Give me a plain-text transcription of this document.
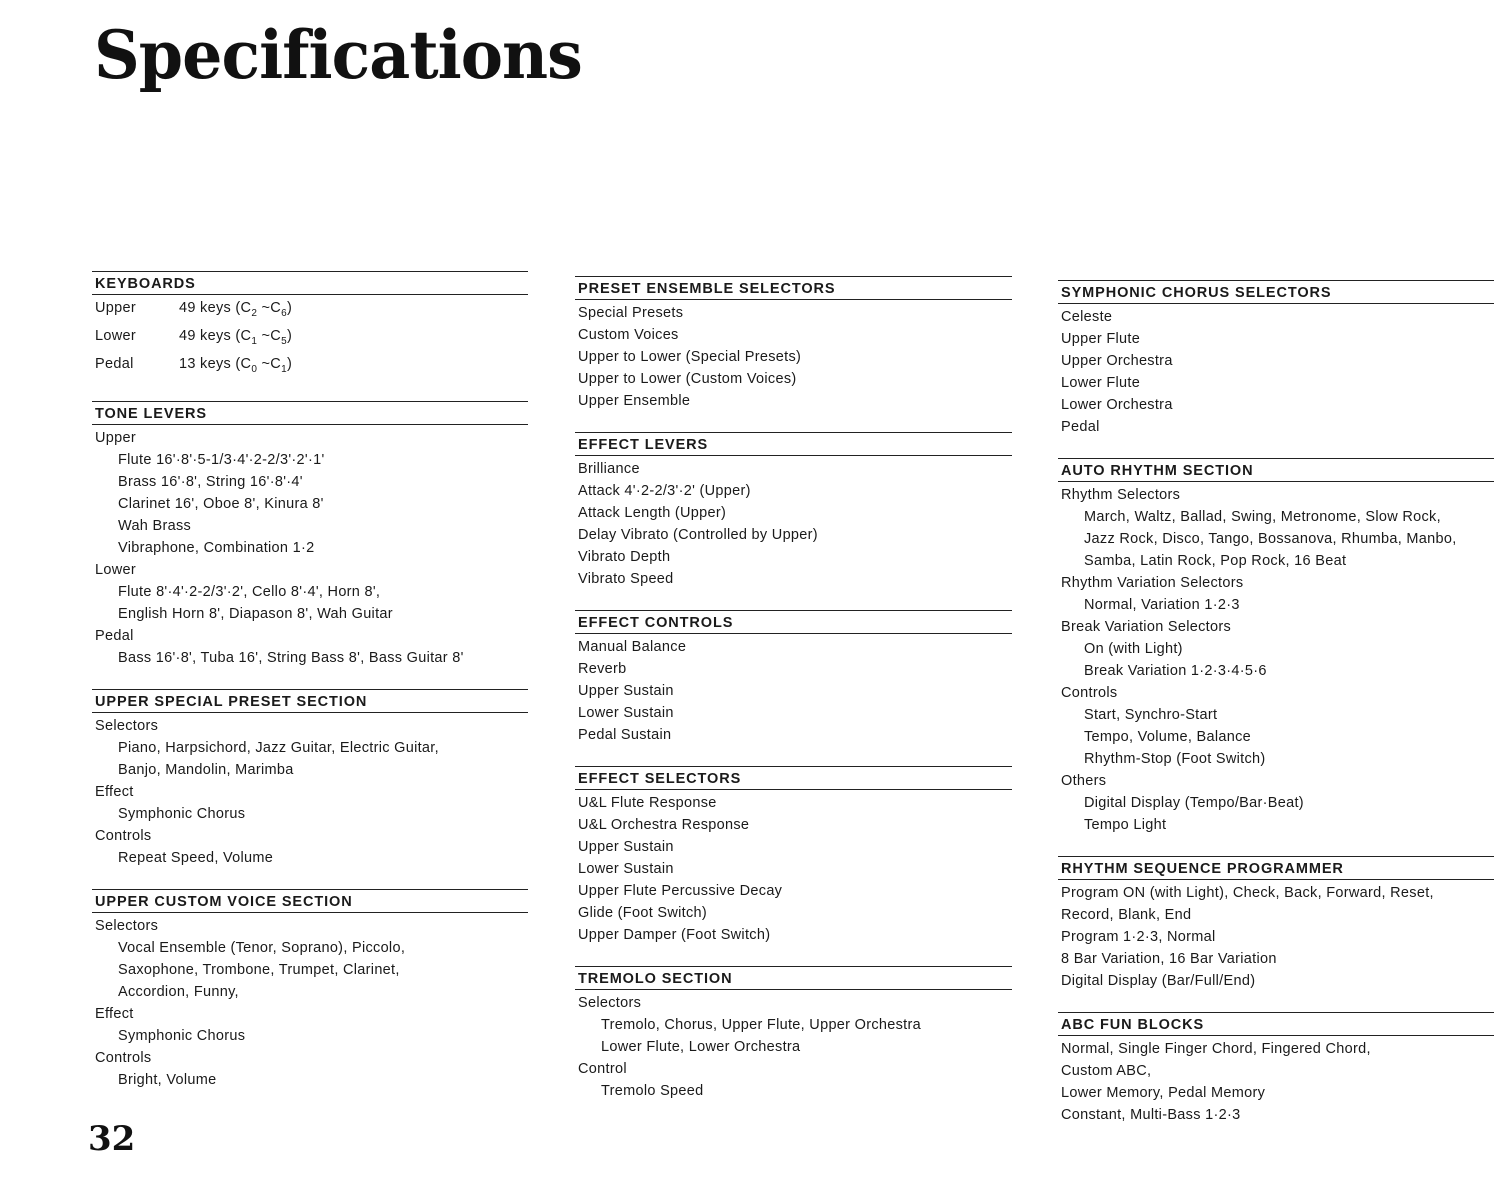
Specifications
KEYBOARDS
Upper	49 keys ($C_2$ $\sim C_6$)
Lower	49 keys ($C_1$ $\sim C_5$)
Pedal	13 keys ($C_0$ $\sim C_1$)
TONE LEVERS
Upper
Flute 16'·8'·5-1/3·4'·2-2/3'·2'·1'
Brass 16'·8', String 16'·8'·4'
Clarinet 16', Oboe 8', Kinura 8'
Wah Brass
Vibraphone, Combination 1·2
Lower
Flute 8'·4'·2-2/3'·2', Cello 8'·4', Horn 8',
English Horn 8', Diapason 8', Wah Guitar
Pedal
Bass 16'·8', Tuba 16', String Bass 8', Bass Guitar 8'
UPPER SPECIAL PRESET SECTION
Selectors
Piano, Harpsichord, Jazz Guitar, Electric Guitar,
Banjo, Mandolin, Marimba
Effect
Symphonic Chorus
Controls
Repeat Speed, Volume
UPPER CUSTOM VOICE SECTION
Selectors
Vocal Ensemble (Tenor, Soprano), Piccolo,
Saxophone, Trombone, Trumpet, Clarinet,
Accordion, Funny,
Effect
Symphonic Chorus
Controls
Bright, Volume
PRESET ENSEMBLE SELECTORS
Special Presets
Custom Voices
Upper to Lower (Special Presets)
Upper to Lower (Custom Voices)
Upper Ensemble
EFFECT LEVERS
Brilliance
Attack 4'·2-2/3'·2' (Upper)
Attack Length (Upper)
Delay Vibrato (Controlled by Upper)
Vibrato Depth
Vibrato Speed
EFFECT CONTROLS
Manual Balance
Reverb
Upper Sustain
Lower Sustain
Pedal Sustain
EFFECT SELECTORS
U&L Flute Response
U&L Orchestra Response
Upper Sustain
Lower Sustain
Upper Flute Percussive Decay
Glide (Foot Switch)
Upper Damper (Foot Switch)
TREMOLO SECTION
Selectors
Tremolo, Chorus, Upper Flute, Upper Orchestra
Lower Flute, Lower Orchestra
Control
Tremolo Speed
SYMPHONIC CHORUS SELECTORS
Celeste
Upper Flute
Upper Orchestra
Lower Flute
Lower Orchestra
Pedal
AUTO RHYTHM SECTION
Rhythm Selectors
March, Waltz, Ballad, Swing, Metronome, Slow Rock,
Jazz Rock, Disco, Tango, Bossanova, Rhumba, Manbo,
Samba, Latin Rock, Pop Rock, 16 Beat
Rhythm Variation Selectors
Normal, Variation 1·2·3
Break Variation Selectors
On (with Light)
Break Variation 1·2·3·4·5·6
Controls
Start, Synchro-Start
Tempo, Volume, Balance
Rhythm-Stop (Foot Switch)
Others
Digital Display (Tempo/Bar·Beat)
Tempo Light
RHYTHM SEQUENCE PROGRAMMER
Program ON (with Light), Check, Back, Forward, Reset,
Record, Blank, End
Program 1·2·3, Normal
8 Bar Variation, 16 Bar Variation
Digital Display (Bar/Full/End)
ABC FUN BLOCKS
Normal, Single Finger Chord, Fingered Chord,
Custom ABC,
Lower Memory, Pedal Memory
Constant, Multi-Bass 1·2·3
32
